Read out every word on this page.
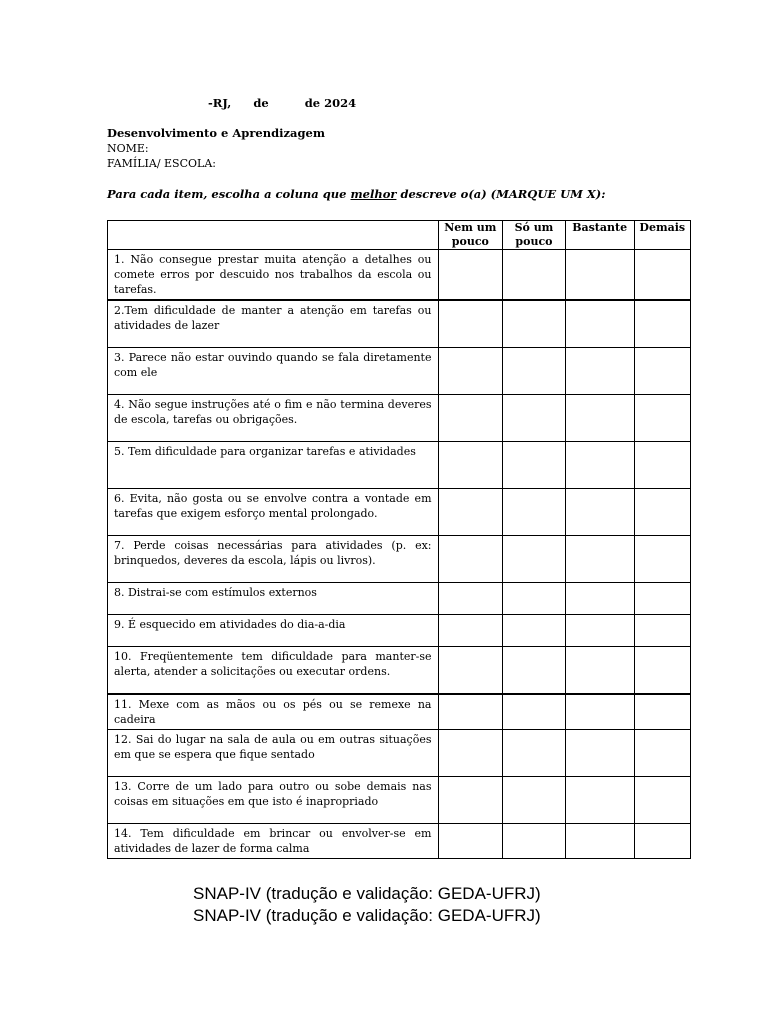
-RJ, de	de 2024
Desenvolvimento e Aprendizagem
NOME:
FAMÍLIA/ ESCOLA:
Para cada item, escolha a coluna que melhor descreve o(a) (MARQUE UM X):
	Nem um pouco	Só um pouco	Bastante	Demais
1. Não consegue prestar muita atenção a detalhes ou comete erros por descuido nos trabalhos da escola ou tarefas.				
2.Tem dificuldade de manter a atenção em tarefas ou atividades de lazer				
3. Parece não estar ouvindo quando se fala diretamente com ele				
4. Não segue instruções até o fim e não termina deveres de escola, tarefas ou obrigações.				
5. Tem dificuldade para organizar tarefas e atividades				
6. Evita, não gosta ou se envolve contra a vontade em tarefas que exigem esforço mental prolongado.				
7. Perde coisas necessárias para atividades (p. ex: brinquedos, deveres da escola, lápis ou livros).				
8. Distrai-se com estímulos externos				
9. É esquecido em atividades do dia-a-dia				
10. Freqüentemente tem dificuldade para manter-se alerta, atender a solicitações ou executar ordens.				
11. Mexe com as mãos ou os pés ou se remexe na cadeira				
12. Sai do lugar na sala de aula ou em outras situações em que se espera que fique sentado				
13. Corre de um lado para outro ou sobe demais nas coisas em situações em que isto é inapropriado				
14. Tem dificuldade em brincar ou envolver-se em atividades de lazer de forma calma				
SNAP-IV (tradução e validação: GEDA-UFRJ)
SNAP-IV (tradução e validação: GEDA-UFRJ)
